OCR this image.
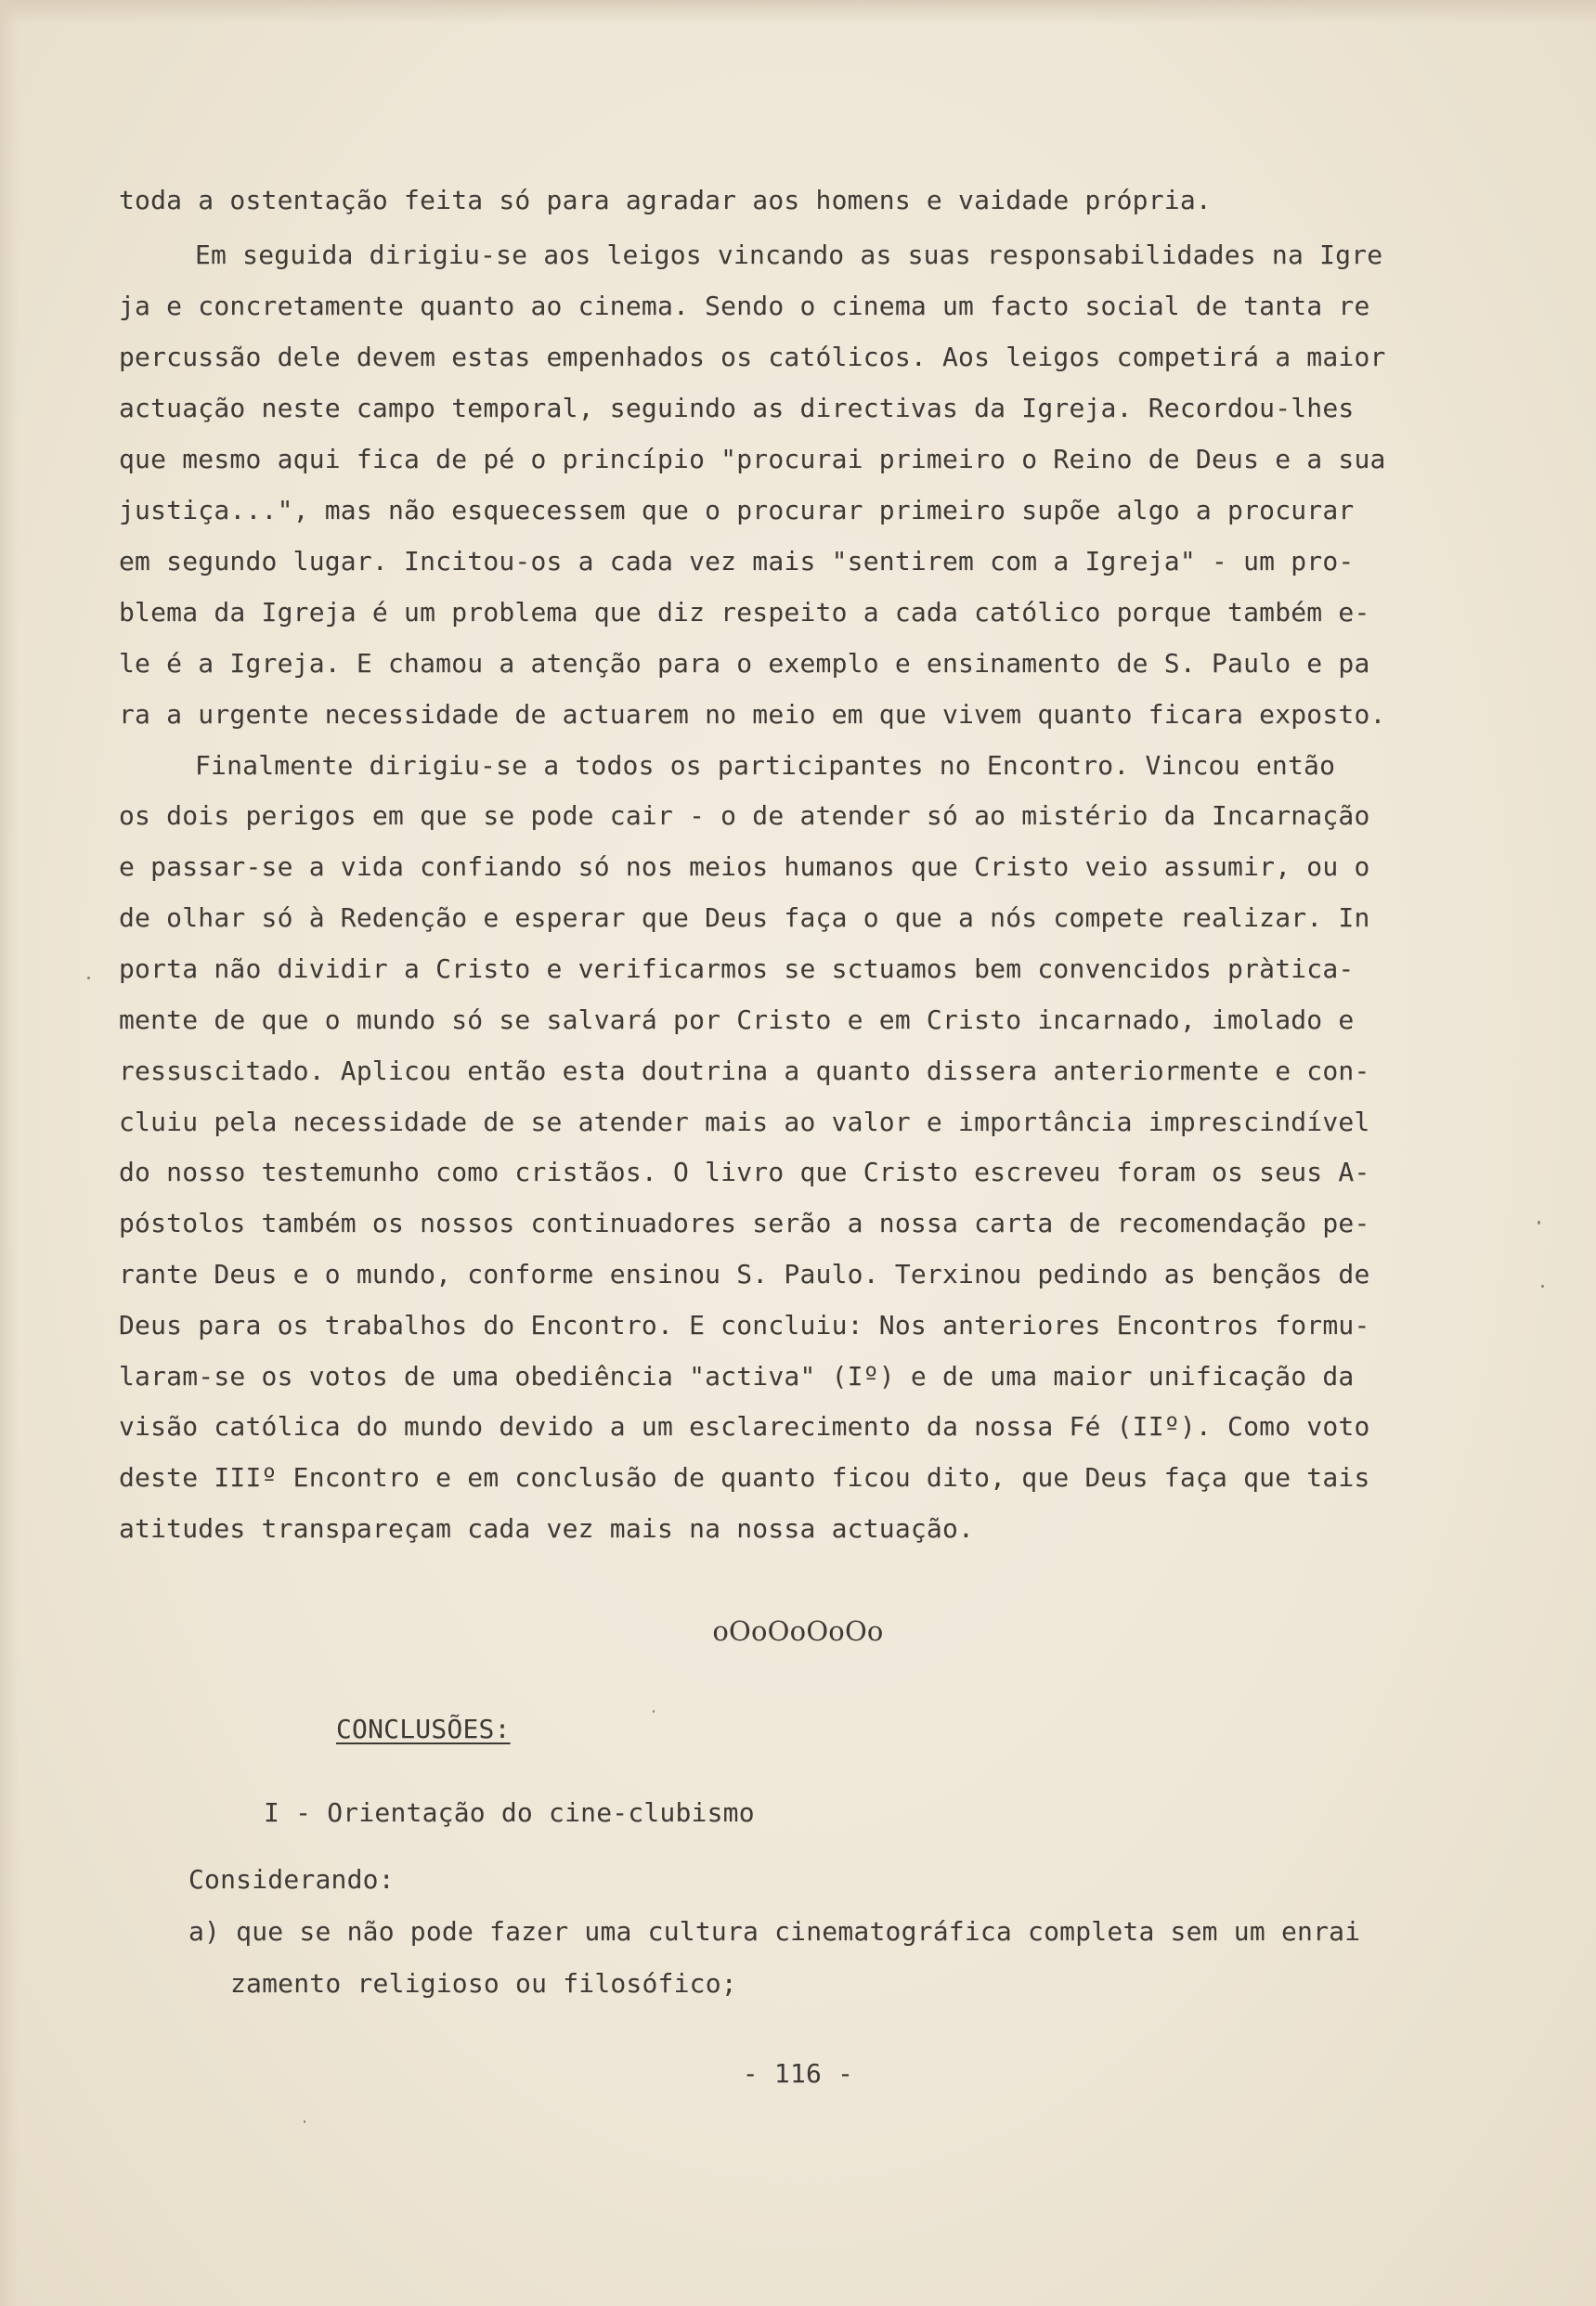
toda a ostentação feita só para agradar aos homens e vaidade própria.
Em seguida dirigiu-se aos leigos vincando as suas responsabilidades na Igre
ja e concretamente quanto ao cinema. Sendo o cinema um facto social de tanta re
percussão dele devem estas empenhados os católicos. Aos leigos competirá a maior
actuação neste campo temporal, seguindo as directivas da Igreja. Recordou-lhes
que mesmo aqui fica de pé o princípio "procurai primeiro o Reino de Deus e a sua
justiça...", mas não esquecessem que o procurar primeiro supõe algo a procurar
em segundo lugar. Incitou-os a cada vez mais "sentirem com a Igreja" - um pro-
blema da Igreja é um problema que diz respeito a cada católico porque também e-
le é a Igreja. E chamou a atenção para o exemplo e ensinamento de S. Paulo e pa
ra a urgente necessidade de actuarem no meio em que vivem quanto ficara exposto.
Finalmente dirigiu-se a todos os participantes no Encontro. Vincou então
os dois perigos em que se pode cair - o de atender só ao mistério da Incarnação
e passar-se a vida confiando só nos meios humanos que Cristo veio assumir, ou o
de olhar só à Redenção e esperar que Deus faça o que a nós compete realizar. In
porta não dividir a Cristo e verificarmos se sctuamos bem convencidos pràtica-
mente de que o mundo só se salvará por Cristo e em Cristo incarnado, imolado e
ressuscitado. Aplicou então esta doutrina a quanto dissera anteriormente e con-
cluiu pela necessidade de se atender mais ao valor e importância imprescindível
do nosso testemunho como cristãos. O livro que Cristo escreveu foram os seus A-
póstolos também os nossos continuadores serão a nossa carta de recomendação pe-
rante Deus e o mundo, conforme ensinou S. Paulo. Terxinou pedindo as bençãos de
Deus para os trabalhos do Encontro. E concluiu: Nos anteriores Encontros formu-
laram-se os votos de uma obediência "activa" (Iº) e de uma maior unificação da
visão católica do mundo devido a um esclarecimento da nossa Fé (IIº). Como voto
deste IIIº Encontro e em conclusão de quanto ficou dito, que Deus faça que tais
atitudes transpareçam cada vez mais na nossa actuação.
oOoOoOoOo
CONCLUSÕES:
I - Orientação do cine-clubismo
Considerando:
a) que se não pode fazer uma cultura cinematográfica completa sem um enrai
zamento religioso ou filosófico;
- 116 -
